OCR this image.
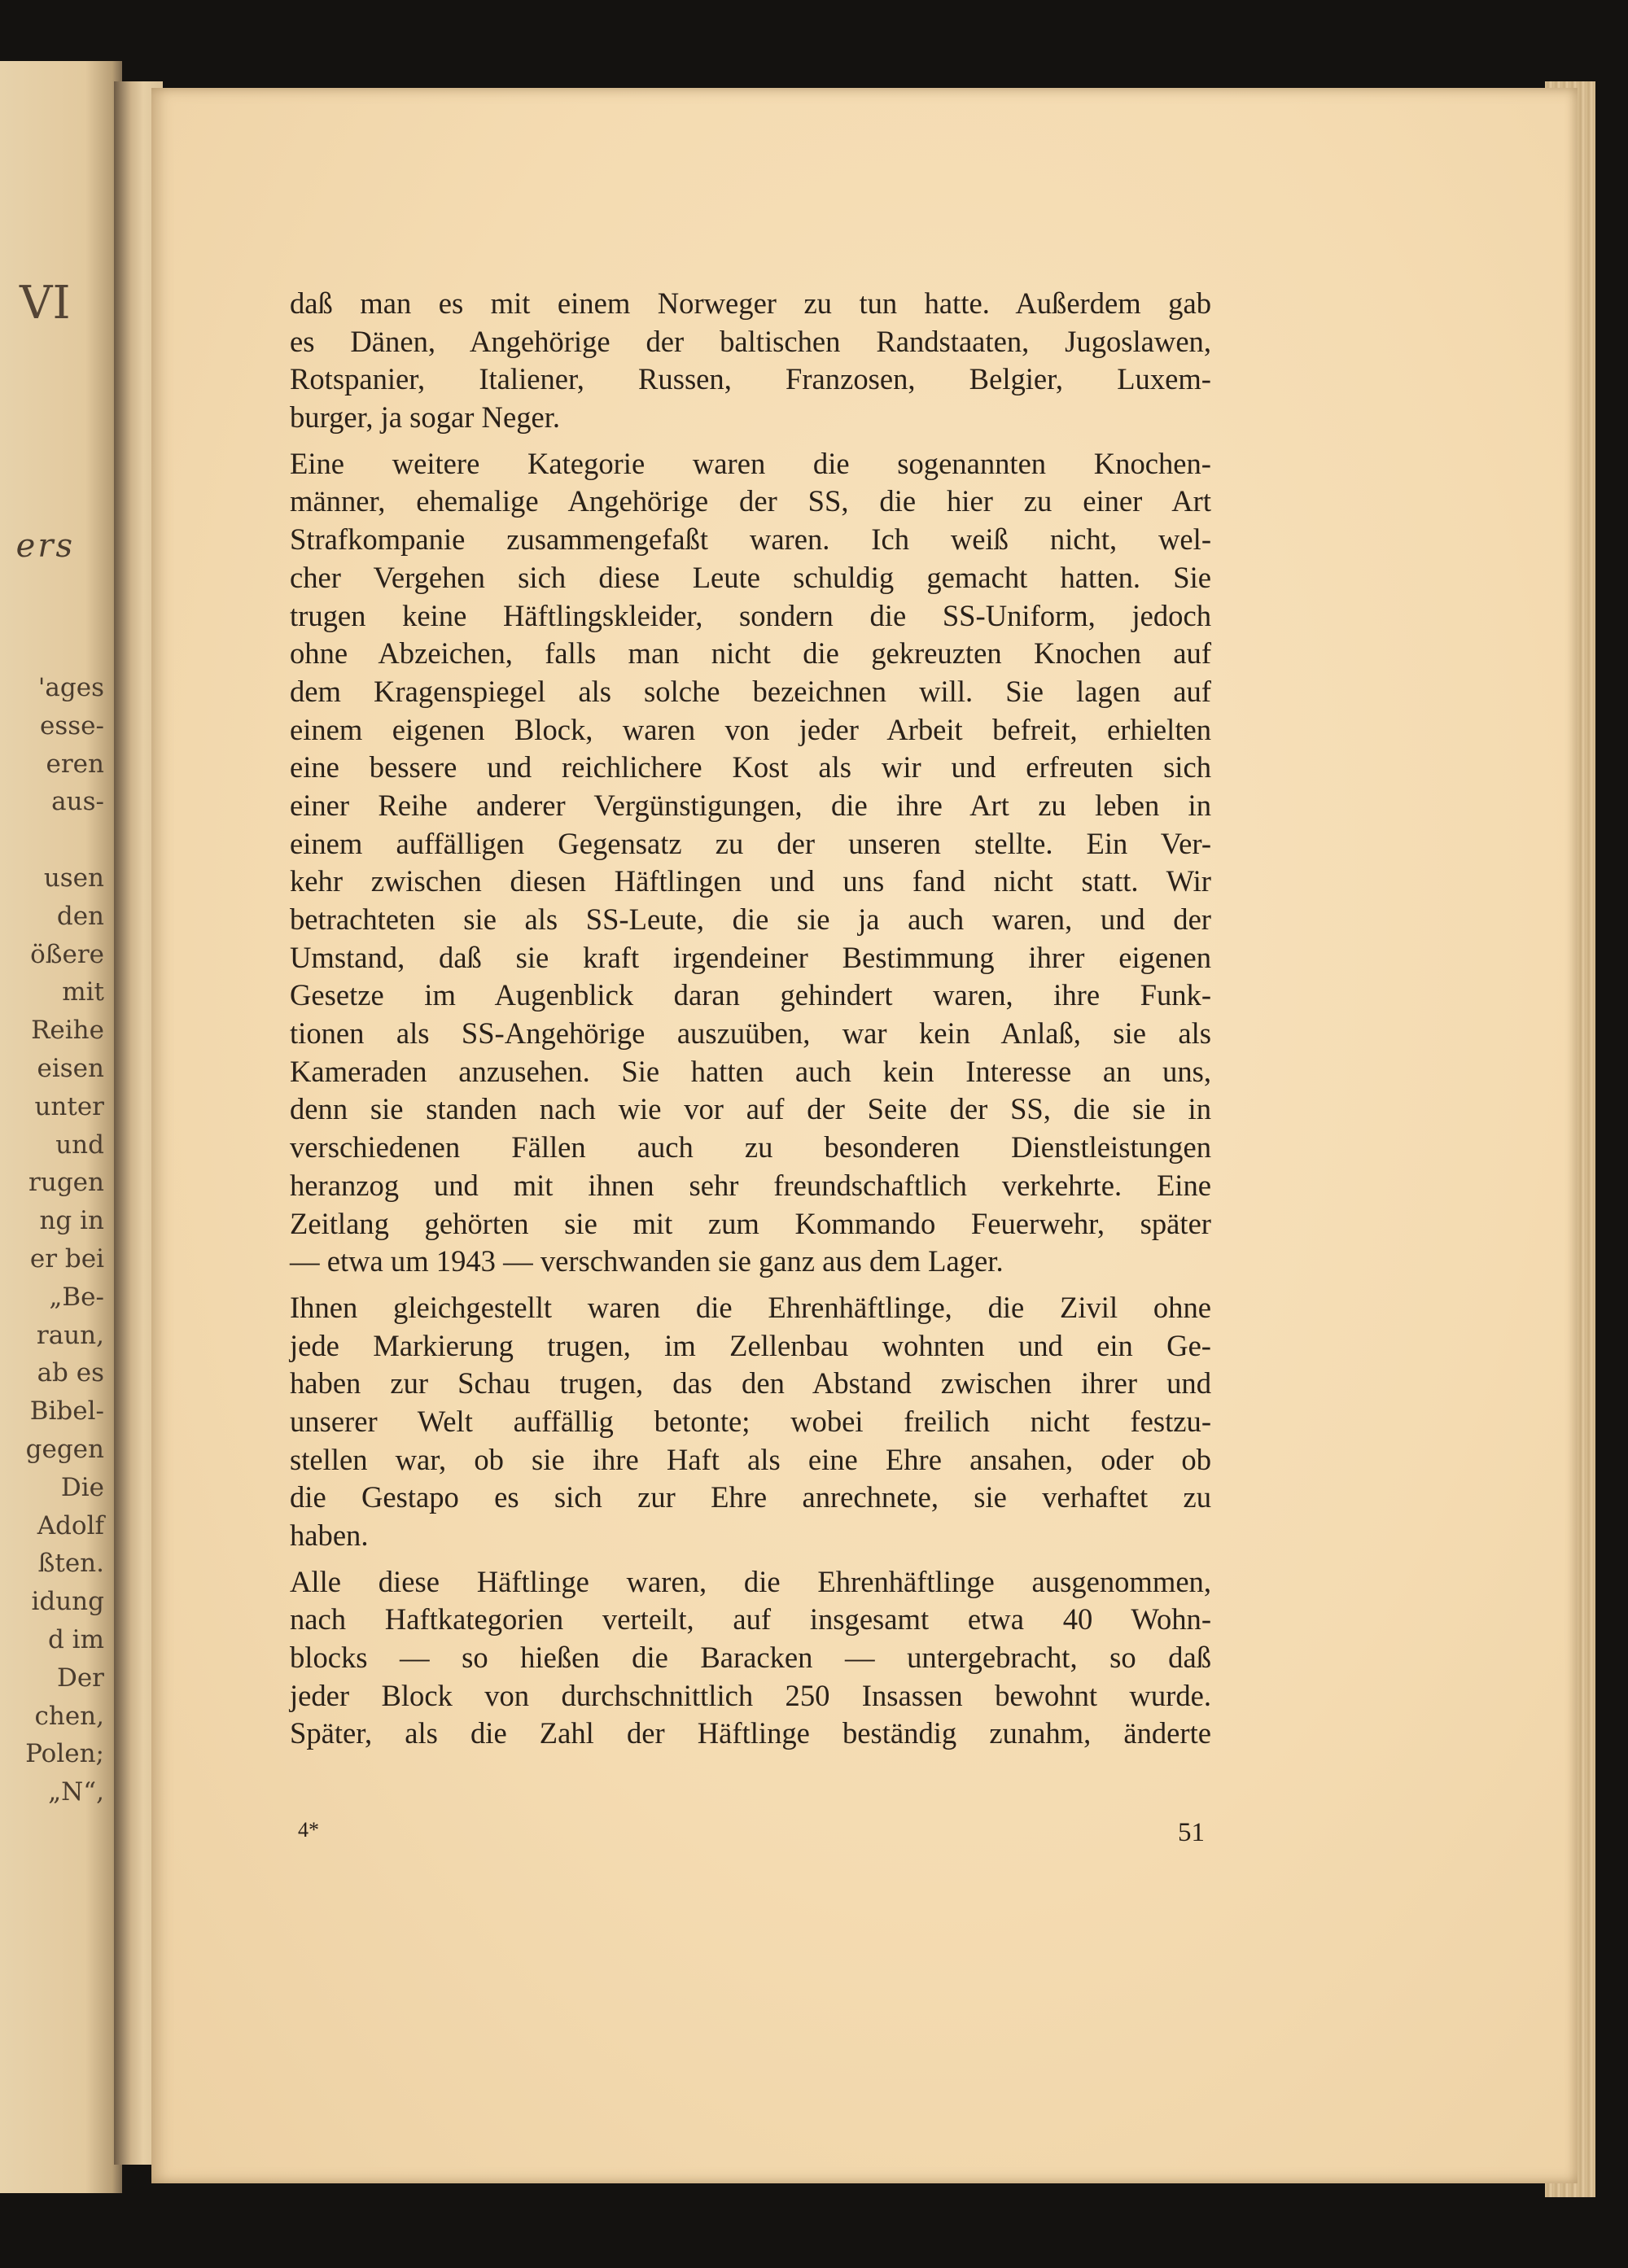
VI
ers
'ages
esse-
eren
aus-
usen
den
ößere
mit
Reihe
eisen
unter
und
rugen
ng in
er bei
„Be-
raun,
ab es
Bibel-
gegen
Die
Adolf
ßten.
idung
d im
Der
chen,
Polen;
„N“,
daß man es mit einem Norweger zu tun hatte. Außerdem gab
es Dänen, Angehörige der baltischen Randstaaten, Jugoslawen,
Rotspanier, Italiener, Russen, Franzosen, Belgier, Luxem-
burger, ja sogar Neger.
Eine weitere Kategorie waren die sogenannten Knochen-
männer, ehemalige Angehörige der SS, die hier zu einer Art
Strafkompanie zusammengefaßt waren. Ich weiß nicht, wel-
cher Vergehen sich diese Leute schuldig gemacht hatten. Sie
trugen keine Häftlingskleider, sondern die SS-Uniform, jedoch
ohne Abzeichen, falls man nicht die gekreuzten Knochen auf
dem Kragenspiegel als solche bezeichnen will. Sie lagen auf
einem eigenen Block, waren von jeder Arbeit befreit, erhielten
eine bessere und reichlichere Kost als wir und erfreuten sich
einer Reihe anderer Vergünstigungen, die ihre Art zu leben in
einem auffälligen Gegensatz zu der unseren stellte. Ein Ver-
kehr zwischen diesen Häftlingen und uns fand nicht statt. Wir
betrachteten sie als SS-Leute, die sie ja auch waren, und der
Umstand, daß sie kraft irgendeiner Bestimmung ihrer eigenen
Gesetze im Augenblick daran gehindert waren, ihre Funk-
tionen als SS-Angehörige auszuüben, war kein Anlaß, sie als
Kameraden anzusehen. Sie hatten auch kein Interesse an uns,
denn sie standen nach wie vor auf der Seite der SS, die sie in
verschiedenen Fällen auch zu besonderen Dienstleistungen
heranzog und mit ihnen sehr freundschaftlich verkehrte. Eine
Zeitlang gehörten sie mit zum Kommando Feuerwehr, später
— etwa um 1943 — verschwanden sie ganz aus dem Lager.
Ihnen gleichgestellt waren die Ehrenhäftlinge, die Zivil ohne
jede Markierung trugen, im Zellenbau wohnten und ein Ge-
haben zur Schau trugen, das den Abstand zwischen ihrer und
unserer Welt auffällig betonte; wobei freilich nicht festzu-
stellen war, ob sie ihre Haft als eine Ehre ansahen, oder ob
die Gestapo es sich zur Ehre anrechnete, sie verhaftet zu
haben.
Alle diese Häftlinge waren, die Ehrenhäftlinge ausgenommen,
nach Haftkategorien verteilt, auf insgesamt etwa 40 Wohn-
blocks — so hießen die Baracken — untergebracht, so daß
jeder Block von durchschnittlich 250 Insassen bewohnt wurde.
Später, als die Zahl der Häftlinge beständig zunahm, änderte
4*	51
